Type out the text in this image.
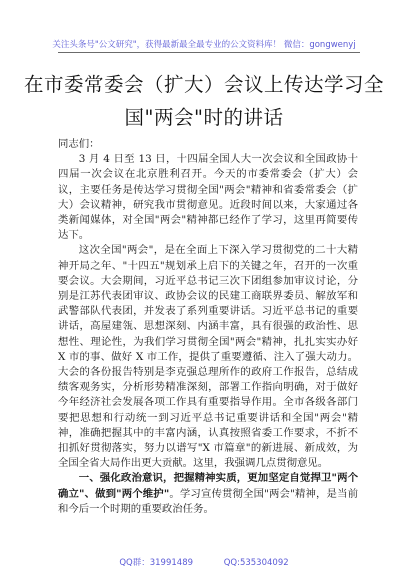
关注头条号"公文研究"，获得最新最全最专业的公文资料库！ 微信：gongwenyj
在市委常委会（扩大）会议上传达学习全
国"两会"时的讲话

同志们：

3 月 4 日至 13 日，十四届全国人大一次会议和全国政协十四届一次会议在北京胜利召开。今天的市委常委会（扩大）会议，主要任务是传达学习贯彻全国"两会"精神和省委常委会（扩大）会议精神，研究我市贯彻意见。近段时间以来，大家通过各类新闻媒体，对全国"两会"精神都已经作了学习，这里再简要传达下。

这次全国"两会"，是在全面上下深入学习贯彻党的二十大精神开局之年、"十四五"规划承上启下的关键之年，召开的一次重要会议。大会期间，习近平总书记三次下团组参加审议讨论，分别是江苏代表团审议、政协会议的民建工商联界委员、解放军和武警部队代表团，并发表了系列重要讲话。习近平总书记的重要讲话，高屋建瓴、思想深刻、内涵丰富，具有很强的政治性、思想性、理论性，为我们学习贯彻全国"两会"精神，扎扎实实办好 X 市的事、做好 X 市工作，提供了重要遵循、注入了强大动力。大会的各份报告特别是李克强总理所作的政府工作报告，总结成绩客观务实，分析形势精准深刻，部署工作指向明确，对于做好今年经济社会发展各项工作具有重要指导作用。全市各级各部门要把思想和行动统一到习近平总书记重要讲话和全国"两会"精神，准确把握其中的丰富内涵，认真按照省委工作要求，不折不扣抓好贯彻落实，努力以谱写"X 市篇章"的新进展、新成效，为全国全省大局作出更大贡献。这里，我强调几点贯彻意见。

一、强化政治意识，把握精神实质，更加坚定自觉捍卫"两个确立"、做到"两个维护"。学习宣传贯彻全国"两会"精神，是当前和今后一个时期的重要政治任务。

QQ群：31991489	QQ:535304092
